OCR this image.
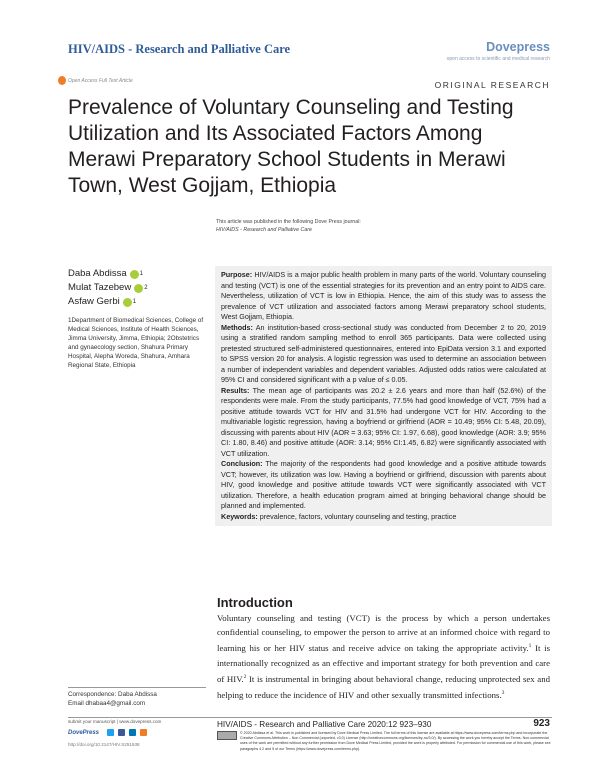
HIV/AIDS - Research and Palliative Care	Dovepress
open access to scientific and medical research
Open Access Full Text Article	ORIGINAL RESEARCH
Prevalence of Voluntary Counseling and Testing Utilization and Its Associated Factors Among Merawi Preparatory School Students in Merawi Town, West Gojjam, Ethiopia
This article was published in the following Dove Press journal:
HIV/AIDS - Research and Palliative Care
Daba Abdissa 1
Mulat Tazebew 2
Asfaw Gerbi 1
1Department of Biomedical Sciences, College of Medical Sciences, Institute of Health Sciences, Jimma University, Jimma, Ethiopia; 2Obstetrics and gynaecology section, Shahura Primary Hospital, Alepha Woreda, Shahura, Amhara Regional State, Ethiopia

Purpose: HIV/AIDS is a major public health problem in many parts of the world. Voluntary counseling and testing (VCT) is one of the essential strategies for its prevention and an entry point to AIDS care. Nevertheless, utilization of VCT is low in Ethiopia. Hence, the aim of this study was to assess the prevalence of VCT utilization and associated factors among Merawi preparatory school students, West Gojjam, Ethiopia.

Methods: An institution-based cross-sectional study was conducted from December 2 to 20, 2019 using a stratified random sampling method to enroll 365 participants. Data were collected using pretested structured self-administered questionnaires, entered into EpiData version 3.1 and exported to SPSS version 20 for analysis. A logistic regression was used to determine an association between a number of independent variables and dependent variables. Adjusted odds ratios were calculated at 95% CI and considered significant with a p value of ≤ 0.05.

Results: The mean age of participants was 20.2 ± 2.6 years and more than half (52.6%) of the respondents were male. From the study participants, 77.5% had good knowledge of VCT, 75% had a positive attitude towards VCT for HIV and 31.5% had undergone VCT for HIV. According to the multivariable logistic regression, having a boyfriend or girlfriend (AOR = 10.49; 95% CI: 5.48, 20.09), discussing with parents about HIV (AOR = 3.63; 95% CI: 1.97, 6.68), good knowledge (AOR: 3.9; 95% CI: 1.80, 8.46) and positive attitude (AOR: 3.14; 95% CI:1.45, 6.82) were significantly associated with VCT utilization.

Conclusion: The majority of the respondents had good knowledge and a positive attitude towards VCT; however, its utilization was low. Having a boyfriend or girlfriend, discussion with parents about HIV, good knowledge and positive attitude towards VCT were significantly associated with VCT utilization. Therefore, a health education program aimed at bringing behavioral change should be planned and implemented.

Keywords: prevalence, factors, voluntary counseling and testing, practice

Introduction

Voluntary counseling and testing (VCT) is the process by which a person undertakes confidential counseling, to empower the person to arrive at an informed choice with regard to learning his or her HIV status and receive advice on taking the appropriate activity.$^1$ It is internationally recognized as an effective and important strategy for both prevention and care of HIV.$^2$ It is instrumental in bringing about behavioral change, reducing unprotected sex and helping to reduce the incidence of HIV and other sexually transmitted infections.$^3$

Correspondence: Daba Abdissa
Email dhabaa4@gmail.com
submit your manuscript | www.dovepress.com
DovePress
http://doi.org/10.2147/HIV.S251938
HIV/AIDS - Research and Palliative Care 2020:12 923–930	923
© 2020 Abdissa et al. This work is published and licensed by Dove Medical Press Limited. The full terms of this license are available at https://www.dovepress.com/terms.php and incorporate the Creative Commons Attribution – Non Commercial (unported, v3.0) License (http://creativecommons.org/licenses/by-nc/3.0/). By accessing the work you hereby accept the Terms. Non-commercial uses of the work are permitted without any further permission from Dove Medical Press Limited, provided the work is properly attributed. For permission for commercial use of this work, please see paragraphs 4.2 and 5 of our Terms (https://www.dovepress.com/terms.php).
